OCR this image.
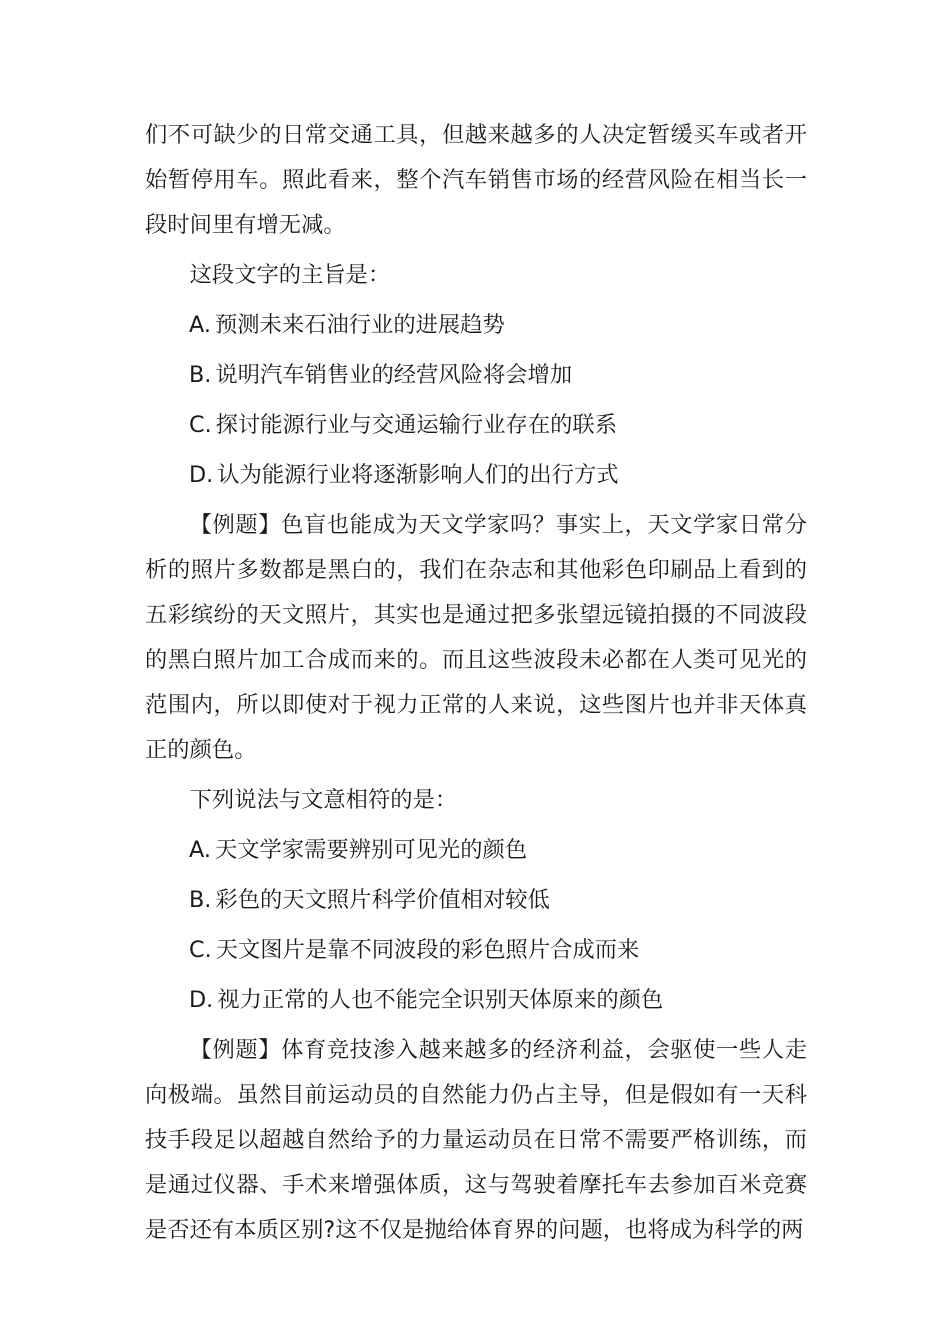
们不可缺少的日常交通工具，但越来越多的人决定暂缓买车或者开始暂停用车。照此看来，整个汽车销售市场的经营风险在相当长一段时间里有增无减。

这段文字的主旨是：

A. 预测未来石油行业的进展趋势
B. 说明汽车销售业的经营风险将会增加
C. 探讨能源行业与交通运输行业存在的联系
D. 认为能源行业将逐渐影响人们的出行方式

【例题】色盲也能成为天文学家吗？事实上，天文学家日常分析的照片多数都是黑白的，我们在杂志和其他彩色印刷品上看到的五彩缤纷的天文照片，其实也是通过把多张望远镜拍摄的不同波段的黑白照片加工合成而来的。而且这些波段未必都在人类可见光的范围内，所以即使对于视力正常的人来说，这些图片也并非天体真正的颜色。

下列说法与文意相符的是：

A. 天文学家需要辨别可见光的颜色
B. 彩色的天文照片科学价值相对较低
C. 天文图片是靠不同波段的彩色照片合成而来
D. 视力正常的人也不能完全识别天体原来的颜色

【例题】体育竞技渗入越来越多的经济利益，会驱使一些人走向极端。虽然目前运动员的自然能力仍占主导，但是假如有一天科技手段足以超越自然给予的力量运动员在日常不需要严格训练，而是通过仪器、手术来增强体质，这与驾驶着摩托车去参加百米竞赛是否还有本质区别?这不仅是抛给体育界的问题，也将成为科学的两
